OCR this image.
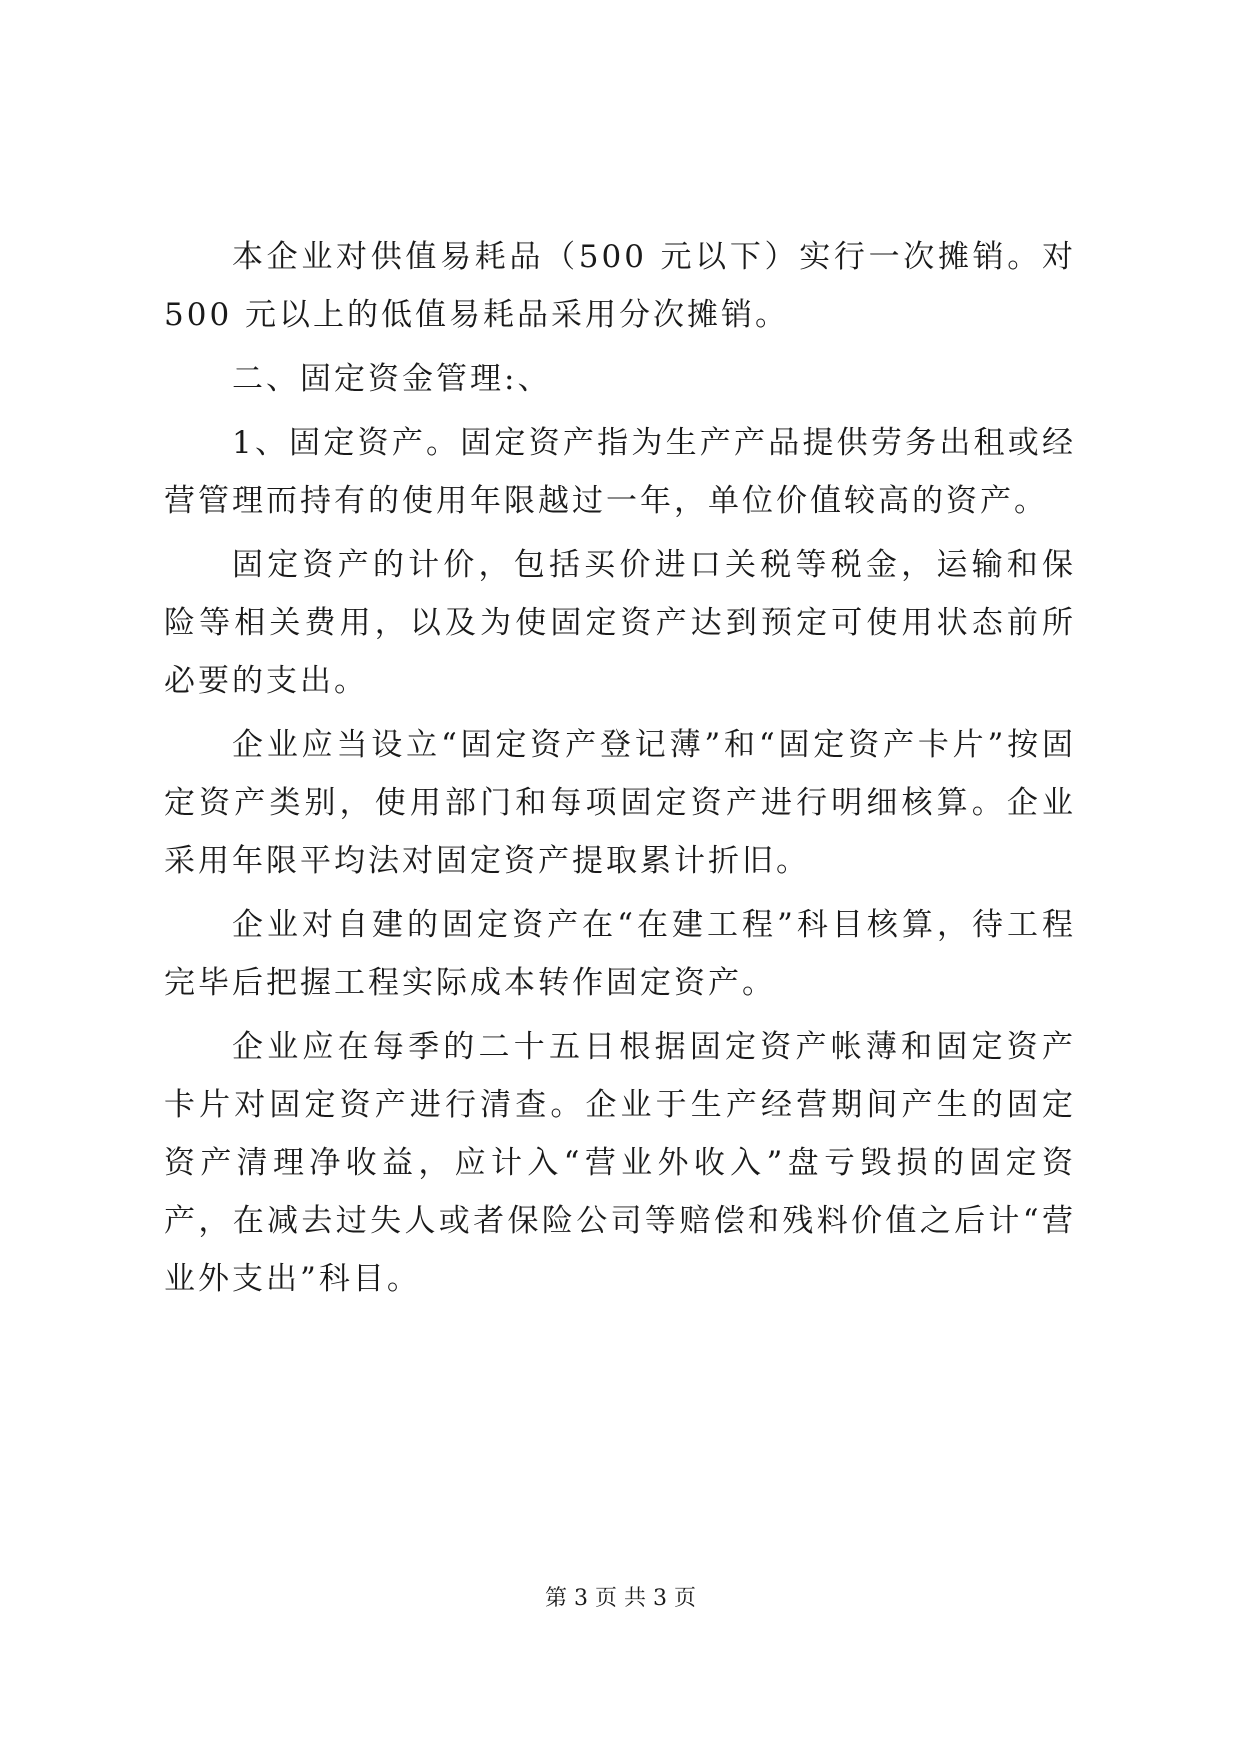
本企业对供值易耗品（500 元以下）实行一次摊销。对 500 元以上的低值易耗品采用分次摊销。

二、固定资金管理:、

1、固定资产。固定资产指为生产产品提供劳务出租或经营管理而持有的使用年限越过一年，单位价值较高的资产。

固定资产的计价，包括买价进口关税等税金，运输和保险等相关费用，以及为使固定资产达到预定可使用状态前所必要的支出。

企业应当设立“固定资产登记薄”和“固定资产卡片”按固定资产类别，使用部门和每项固定资产进行明细核算。企业采用年限平均法对固定资产提取累计折旧。

企业对自建的固定资产在“在建工程”科目核算，待工程完毕后把握工程实际成本转作固定资产。

企业应在每季的二十五日根据固定资产帐薄和固定资产卡片对固定资产进行清查。企业于生产经营期间产生的固定资产清理净收益，应计入“营业外收入”盘亏毁损的固定资产，在减去过失人或者保险公司等赔偿和残料价值之后计“营业外支出”科目。

第 3 页 共 3 页
